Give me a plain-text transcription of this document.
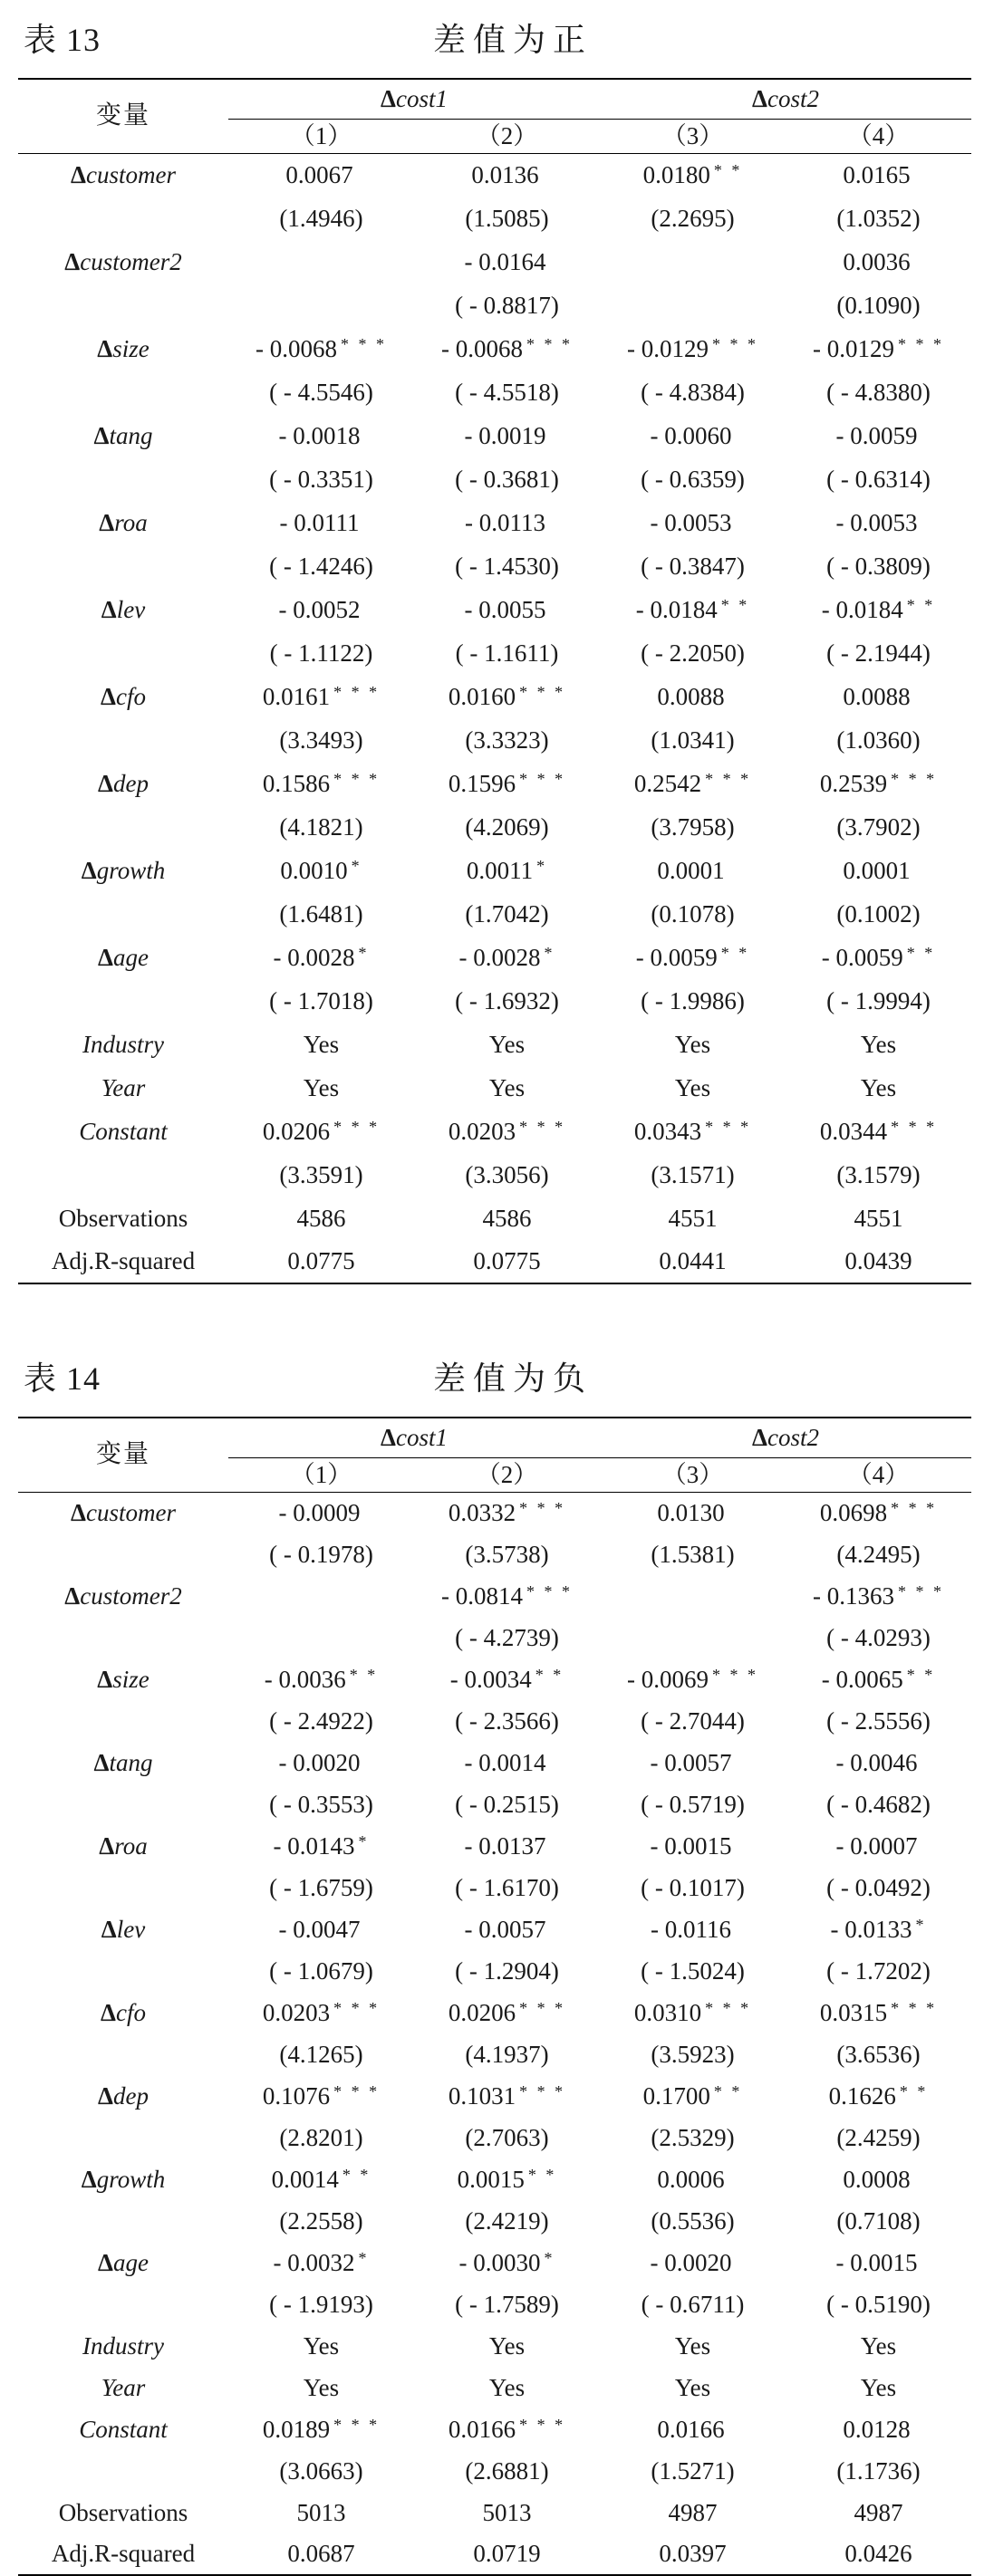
表 13	差值为正
变量	Δcost1		Δcost2	
	（1）	（2）	（3）	（4）
Δcustomer	0.0067	0.0136	0.0180 * *	0.0165
	(1.4946)	(1.5085)	(2.2695)	(1.0352)
Δcustomer2		- 0.0164		0.0036
		( - 0.8817)		(0.1090)
Δsize	- 0.0068 * * *	- 0.0068 * * *	- 0.0129 * * *	- 0.0129 * * *
	( - 4.5546)	( - 4.5518)	( - 4.8384)	( - 4.8380)
Δtang	- 0.0018	- 0.0019	- 0.0060	- 0.0059
	( - 0.3351)	( - 0.3681)	( - 0.6359)	( - 0.6314)
Δroa	- 0.0111	- 0.0113	- 0.0053	- 0.0053
	( - 1.4246)	( - 1.4530)	( - 0.3847)	( - 0.3809)
Δlev	- 0.0052	- 0.0055	- 0.0184 * *	- 0.0184 * *
	( - 1.1122)	( - 1.1611)	( - 2.2050)	( - 2.1944)
Δcfo	0.0161 * * *	0.0160 * * *	0.0088	0.0088
	(3.3493)	(3.3323)	(1.0341)	(1.0360)
Δdep	0.1586 * * *	0.1596 * * *	0.2542 * * *	0.2539 * * *
	(4.1821)	(4.2069)	(3.7958)	(3.7902)
Δgrowth	0.0010 *	0.0011 *	0.0001	0.0001
	(1.6481)	(1.7042)	(0.1078)	(0.1002)
Δage	- 0.0028 *	- 0.0028 *	- 0.0059 * *	- 0.0059 * *
	( - 1.7018)	( - 1.6932)	( - 1.9986)	( - 1.9994)
Industry	Yes	Yes	Yes	Yes
Year	Yes	Yes	Yes	Yes
Constant	0.0206 * * *	0.0203 * * *	0.0343 * * *	0.0344 * * *
	(3.3591)	(3.3056)	(3.1571)	(3.1579)
Observations	4586	4586	4551	4551
Adj.R-squared	0.0775	0.0775	0.0441	0.0439
表 14	差值为负
变量	Δcost1		Δcost2	
	（1）	（2）	（3）	（4）
Δcustomer	- 0.0009	0.0332 * * *	0.0130	0.0698 * * *
	( - 0.1978)	(3.5738)	(1.5381)	(4.2495)
Δcustomer2		- 0.0814 * * *		- 0.1363 * * *
		( - 4.2739)		( - 4.0293)
Δsize	- 0.0036 * *	- 0.0034 * *	- 0.0069 * * *	- 0.0065 * *
	( - 2.4922)	( - 2.3566)	( - 2.7044)	( - 2.5556)
Δtang	- 0.0020	- 0.0014	- 0.0057	- 0.0046
	( - 0.3553)	( - 0.2515)	( - 0.5719)	( - 0.4682)
Δroa	- 0.0143 *	- 0.0137	- 0.0015	- 0.0007
	( - 1.6759)	( - 1.6170)	( - 0.1017)	( - 0.0492)
Δlev	- 0.0047	- 0.0057	- 0.0116	- 0.0133 *
	( - 1.0679)	( - 1.2904)	( - 1.5024)	( - 1.7202)
Δcfo	0.0203 * * *	0.0206 * * *	0.0310 * * *	0.0315 * * *
	(4.1265)	(4.1937)	(3.5923)	(3.6536)
Δdep	0.1076 * * *	0.1031 * * *	0.1700 * *	0.1626 * *
	(2.8201)	(2.7063)	(2.5329)	(2.4259)
Δgrowth	0.0014 * *	0.0015 * *	0.0006	0.0008
	(2.2558)	(2.4219)	(0.5536)	(0.7108)
Δage	- 0.0032 *	- 0.0030 *	- 0.0020	- 0.0015
	( - 1.9193)	( - 1.7589)	( - 0.6711)	( - 0.5190)
Industry	Yes	Yes	Yes	Yes
Year	Yes	Yes	Yes	Yes
Constant	0.0189 * * *	0.0166 * * *	0.0166	0.0128
	(3.0663)	(2.6881)	(1.5271)	(1.1736)
Observations	5013	5013	4987	4987
Adj.R-squared	0.0687	0.0719	0.0397	0.0426
